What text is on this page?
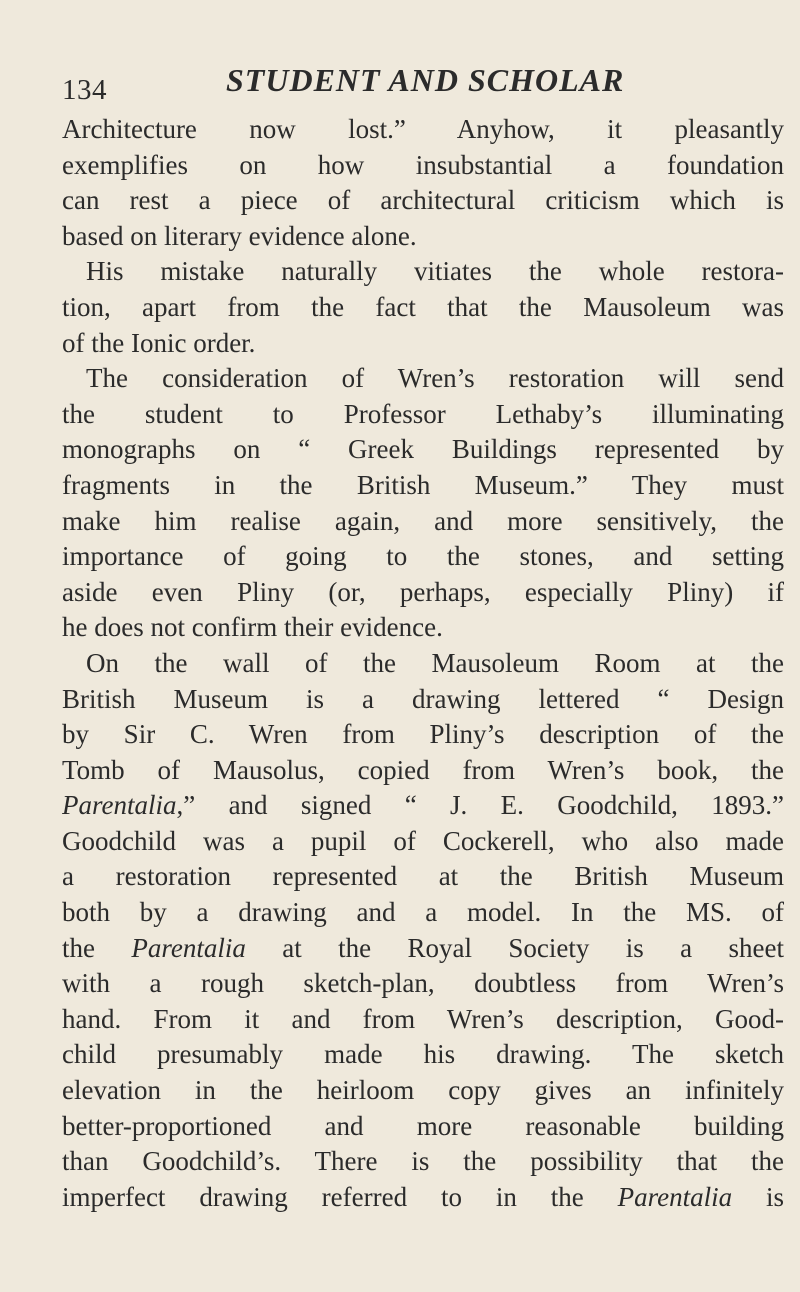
134	STUDENT AND SCHOLAR
Architecture now lost.” Anyhow, it pleasantly
exemplifies on how insubstantial a foundation
can rest a piece of architectural criticism which is
based on literary evidence alone.
His mistake naturally vitiates the whole restora-
tion, apart from the fact that the Mausoleum was
of the Ionic order.
The consideration of Wren’s restoration will send
the student to Professor Lethaby’s illuminating
monographs on “ Greek Buildings represented by
fragments in the British Museum.” They must
make him realise again, and more sensitively, the
importance of going to the stones, and setting
aside even Pliny (or, perhaps, especially Pliny) if
he does not confirm their evidence.
On the wall of the Mausoleum Room at the
British Museum is a drawing lettered “ Design
by Sir C. Wren from Pliny’s description of the
Tomb of Mausolus, copied from Wren’s book, the
Parentalia,” and signed “ J. E. Goodchild, 1893.”
Goodchild was a pupil of Cockerell, who also made
a restoration represented at the British Museum
both by a drawing and a model. In the MS. of
the Parentalia at the Royal Society is a sheet
with a rough sketch-plan, doubtless from Wren’s
hand. From it and from Wren’s description, Good-
child presumably made his drawing. The sketch
elevation in the heirloom copy gives an infinitely
better-proportioned and more reasonable building
than Goodchild’s. There is the possibility that the
imperfect drawing referred to in the Parentalia is
